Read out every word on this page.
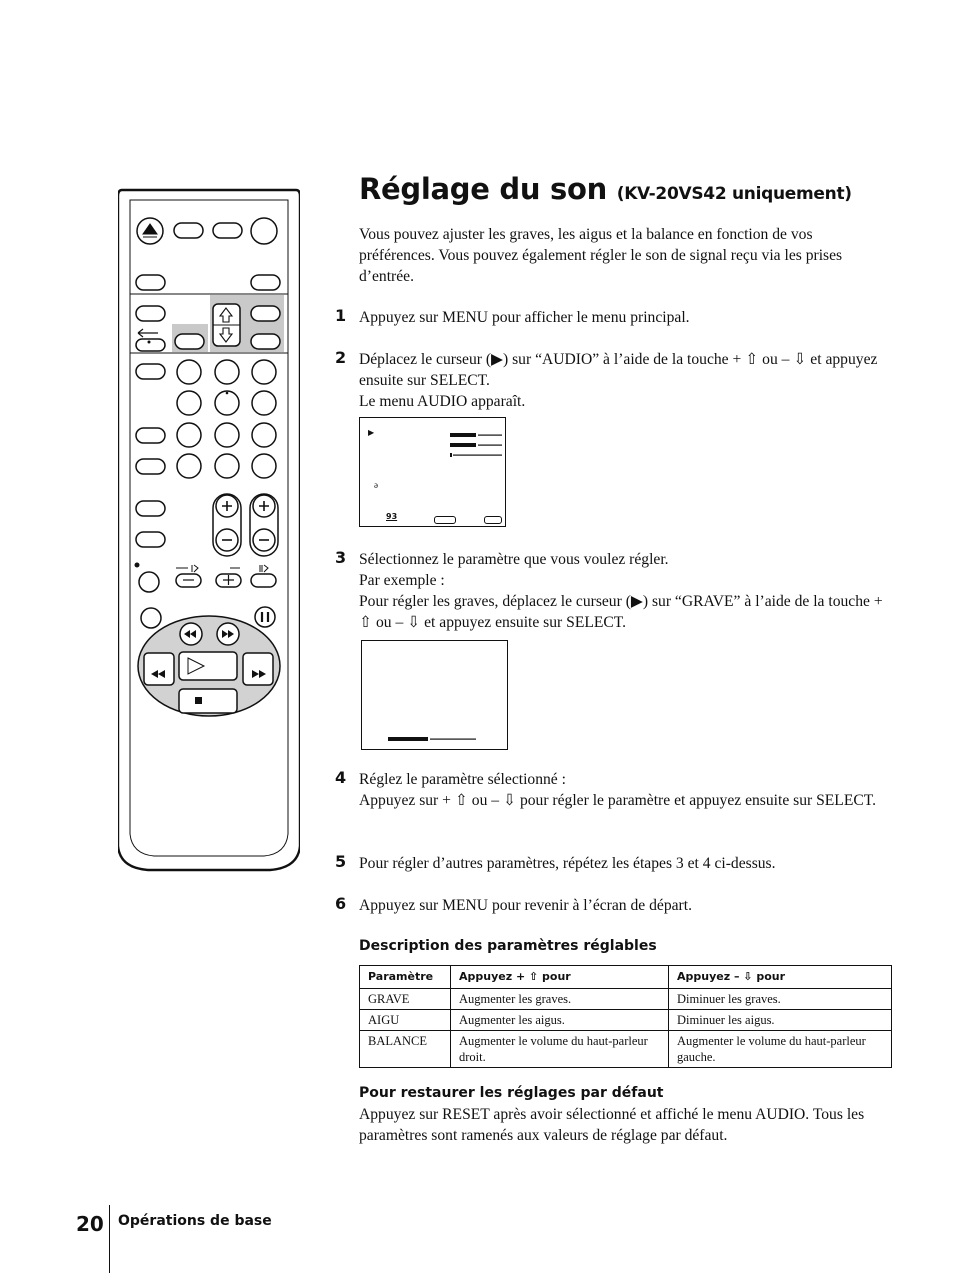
Réglage du son (KV-20VS42 uniquement)
Vous pouvez ajuster les graves, les aigus et la balance en fonction de vos préférences. Vous pouvez également régler le son de signal reçu via les prises d’entrée.
1 Appuyez sur MENU pour afficher le menu principal.
2 Déplacez le curseur (▶) sur “AUDIO” à l’aide de la touche + ⇧ ou – ⇩ et appuyez ensuite sur SELECT.
Le menu AUDIO apparaît.
▶
ə
93
3 Sélectionnez le paramètre que vous voulez régler.
Par exemple :
Pour régler les graves, déplacez le curseur (▶) sur “GRAVE” à l’aide de la touche + ⇧ ou – ⇩ et appuyez ensuite sur SELECT.
4 Réglez le paramètre sélectionné :
Appuyez sur + ⇧ ou – ⇩ pour régler le paramètre et appuyez ensuite sur SELECT.
5 Pour régler d’autres paramètres, répétez les étapes 3 et 4 ci-dessus.
6 Appuyez sur MENU pour revenir à l’écran de départ.
Description des paramètres réglables
Paramètre	Appuyez + ⇧ pour	Appuyez – ⇩ pour
GRAVE	Augmenter les graves.	Diminuer les graves.
AIGU	Augmenter les aigus.	Diminuer les aigus.
BALANCE	Augmenter le volume du haut-parleur droit.	Augmenter le volume du haut-parleur gauche.
Pour restaurer les réglages par défaut
Appuyez sur RESET après avoir sélectionné et affiché le menu AUDIO. Tous les paramètres sont ramenés aux valeurs de réglage par défaut.
20 Opérations de base
